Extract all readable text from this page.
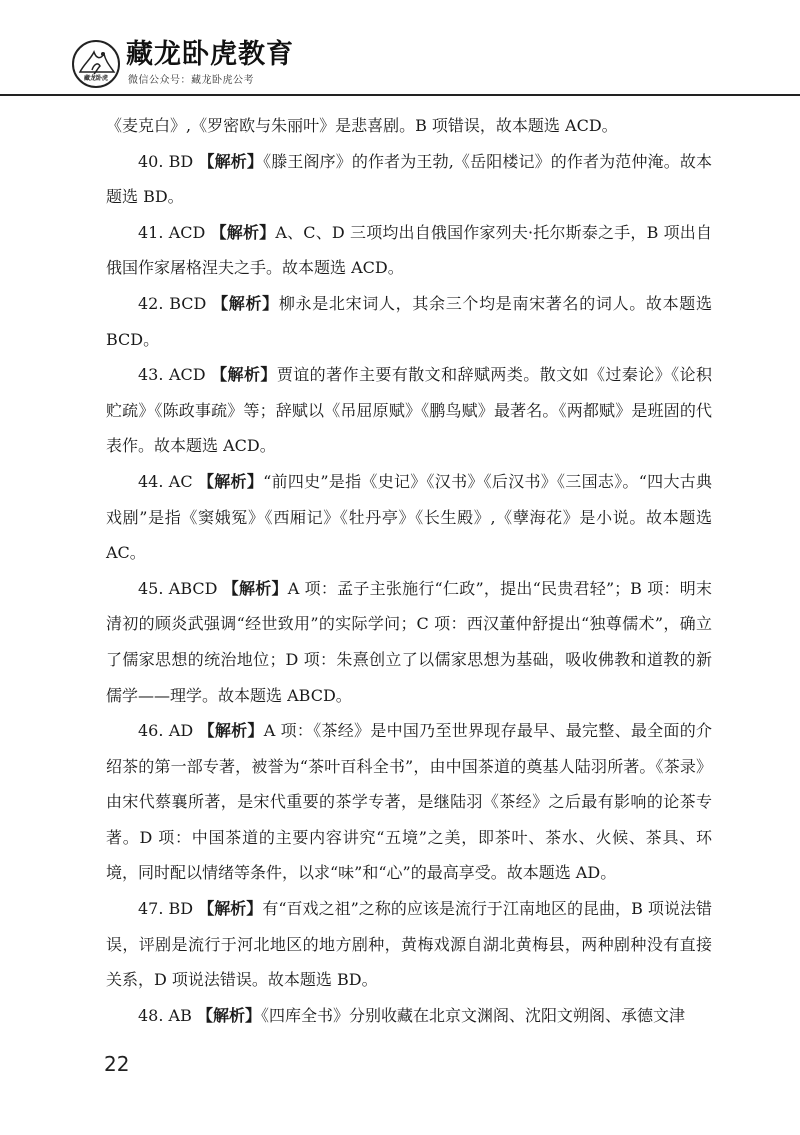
藏龙卧虎
藏龙卧虎教育
微信公众号：藏龙卧虎公考

《麦克白》,《罗密欧与朱丽叶》是悲喜剧。B 项错误，故本题选 ACD。

40. BD 【解析】《滕王阁序》的作者为王勃,《岳阳楼记》的作者为范仲淹。故本题选 BD。

41. ACD 【解析】A、C、D 三项均出自俄国作家列夫·托尔斯泰之手，B 项出自俄国作家屠格涅夫之手。故本题选 ACD。

42. BCD 【解析】柳永是北宋词人，其余三个均是南宋著名的词人。故本题选 BCD。

43. ACD 【解析】贾谊的著作主要有散文和辞赋两类。散文如《过秦论》《论积贮疏》《陈政事疏》等；辞赋以《吊屈原赋》《鹏鸟赋》最著名。《两都赋》是班固的代表作。故本题选 ACD。

44. AC 【解析】“前四史”是指《史记》《汉书》《后汉书》《三国志》。“四大古典戏剧”是指《窦娥冤》《西厢记》《牡丹亭》《长生殿》,《孽海花》是小说。故本题选 AC。

45. ABCD 【解析】A 项：孟子主张施行“仁政”，提出“民贵君轻”；B 项：明末清初的顾炎武强调“经世致用”的实际学问；C 项：西汉董仲舒提出“独尊儒术”，确立了儒家思想的统治地位；D 项：朱熹创立了以儒家思想为基础，吸收佛教和道教的新儒学——理学。故本题选 ABCD。

46. AD 【解析】A 项：《茶经》是中国乃至世界现存最早、最完整、最全面的介绍茶的第一部专著，被誉为“茶叶百科全书”，由中国茶道的奠基人陆羽所著。《茶录》由宋代蔡襄所著，是宋代重要的茶学专著，是继陆羽《茶经》之后最有影响的论茶专著。D 项：中国茶道的主要内容讲究“五境”之美，即茶叶、茶水、火候、茶具、环境，同时配以情绪等条件，以求“味”和“心”的最高享受。故本题选 AD。

47. BD 【解析】有“百戏之祖”之称的应该是流行于江南地区的昆曲，B 项说法错误，评剧是流行于河北地区的地方剧种，黄梅戏源自湖北黄梅县，两种剧种没有直接关系，D 项说法错误。故本题选 BD。

48. AB 【解析】《四库全书》分别收藏在北京文渊阁、沈阳文朔阁、承德文津

22
